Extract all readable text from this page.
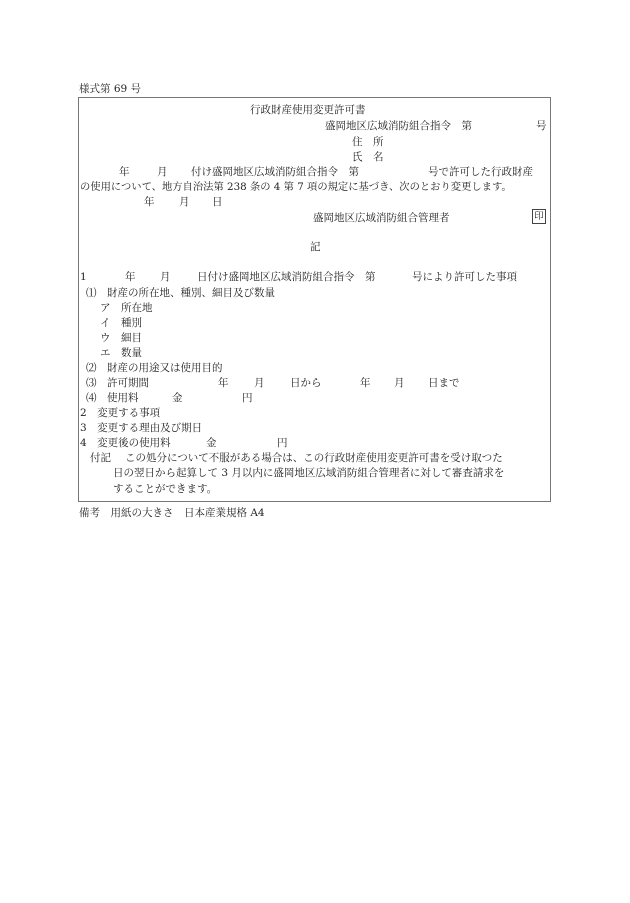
様式第 69 号
行政財産使用変更許可書
盛岡地区広域消防組合指令　第	号
住　所
氏　名
年	月 付け盛岡地区広域消防組合指令　第	号で許可した行政財産
の使用について、地方自治法第 238 条の 4 第 7 項の規定に基づき、次のとおり変更します。
年 月 日
盛岡地区広域消防組合管理者	印
記
1	年 月	日付け盛岡地区広域消防組合指令　第	号により許可した事項
⑴　財産の所在地、種別、細目及び数量
ア　所在地
イ　種別
ウ　細目
エ　数量
⑵　財産の用途又は使用目的
⑶　許可期間	年 月 日から	年 月 日まで
⑷　使用料	金	円
2　変更する事項
3　変更する理由及び期日
4　変更後の使用料	金	円
付記 この処分について不服がある場合は、この行政財産使用変更許可書を受け取つた
日の翌日から起算して 3 月以内に盛岡地区広域消防組合管理者に対して審査請求を
することができます。
備考　用紙の大きさ　日本産業規格 A4
